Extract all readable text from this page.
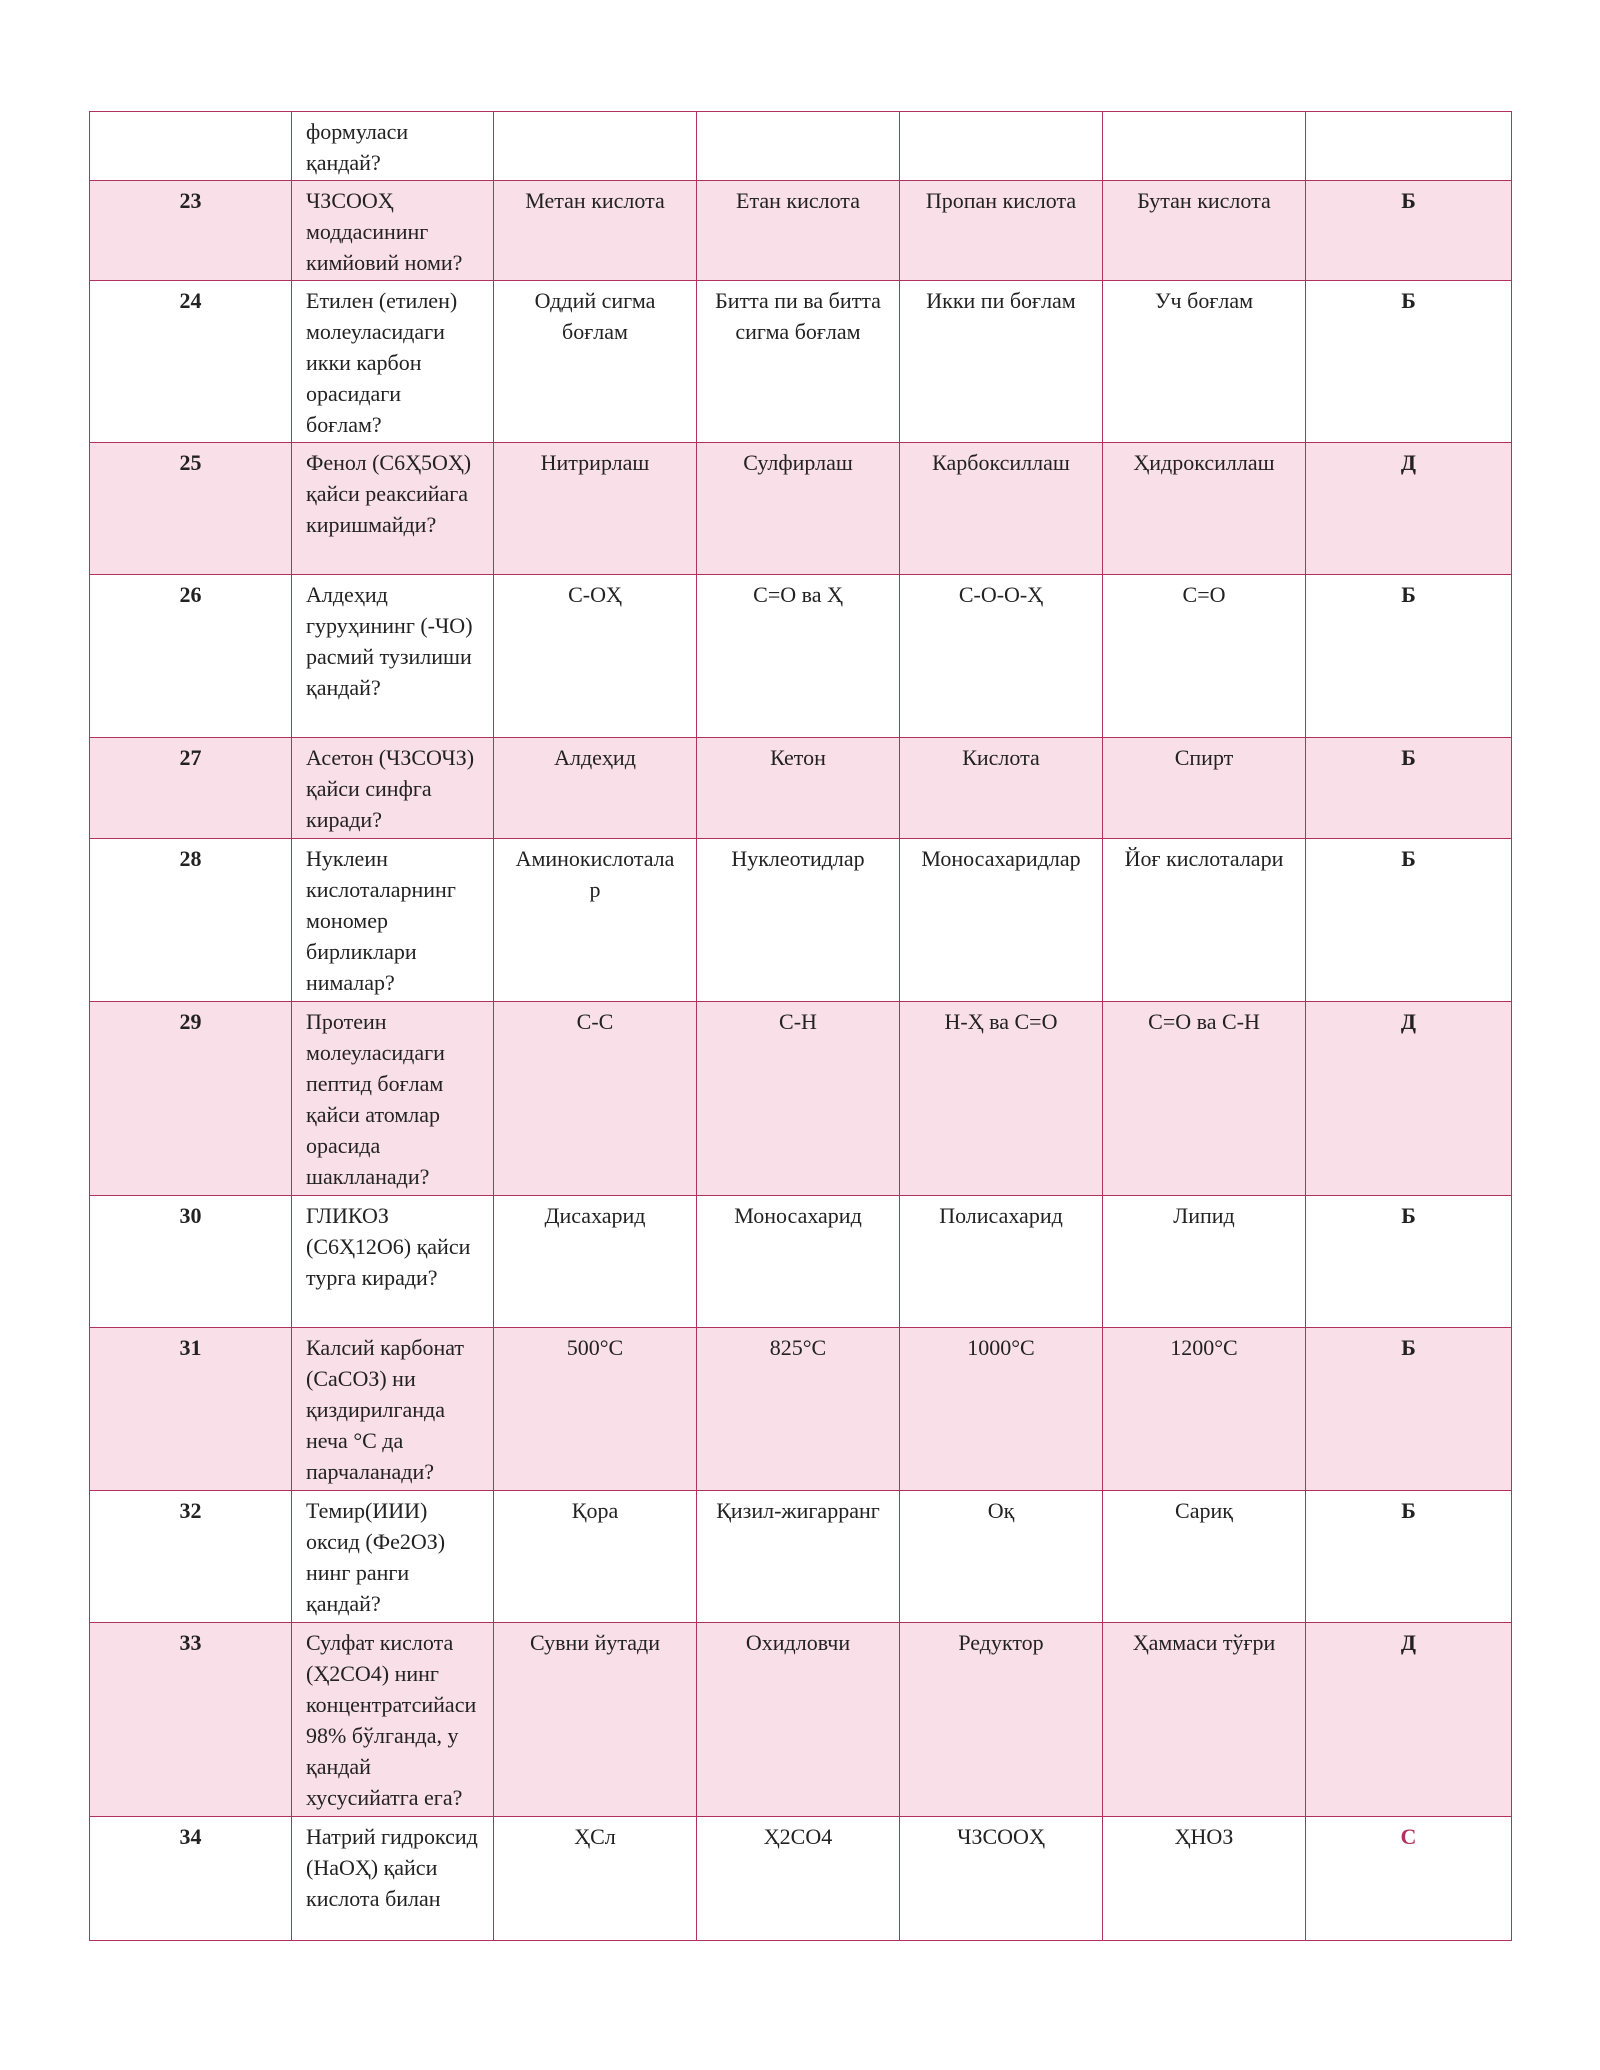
	формуласи қандай?					
23	ЧЗСООҲ моддасининг кимйовий номи?	Метан кислота	Етан кислота	Пропан кислота	Бутан кислота	Б
24	Етилен (етилен) молеуласидаги икки карбон орасидаги боғлам?	Оддий сигма боғлам	Битта пи ва битта сигма боғлам	Икки пи боғлам	Уч боғлам	Б
25	Фенол (С6Ҳ5ОҲ) қайси реаксийага киришмайди?	Нитрирлаш	Сулфирлаш	Карбоксиллаш	Ҳидроксиллаш	Д
26	Алдеҳид гуруҳининг (-ЧО) расмий тузилиши қандай?	С-ОҲ	С=О ва Ҳ	С-О-О-Ҳ	С=О	Б
27	Асетон (ЧЗСОЧЗ) қайси синфга киради?	Алдеҳид	Кетон	Кислота	Спирт	Б
28	Нуклеин кислоталарнинг мономер бирликлари нималар?	Аминокислотала р	Нуклеотидлар	Моносахаридлар	Йоғ кислоталари	Б
29	Протеин молеуласидаги пептид боғлам қайси атомлар орасида шаклланади?	С-С	С-Н	Н-Ҳ ва С=О	С=О ва С-Н	Д
30	ГЛИКОЗ (С6Ҳ12О6) қайси турга киради?	Дисахарид	Моносахарид	Полисахарид	Липид	Б
31	Калсий карбонат (СаСОЗ) ни қиздирилганда неча °С да парчаланади?	500°С	825°С	1000°С	1200°С	Б
32	Темир(ИИИ) оксид (Фе2ОЗ) нинг ранги қандай?	Қора	Қизил-жигарранг	Оқ	Сариқ	Б
33	Сулфат кислота (Ҳ2СО4) нинг концентратсийаси 98% бўлганда, у қандай хусусийатга ега?	Сувни йутади	Охидловчи	Редуктор	Ҳаммаси тўғри	Д
34	Натрий гидроксид (НаОҲ) қайси кислота билан	ҲСл	Ҳ2СО4	ЧЗСООҲ	ҲНОЗ	С
